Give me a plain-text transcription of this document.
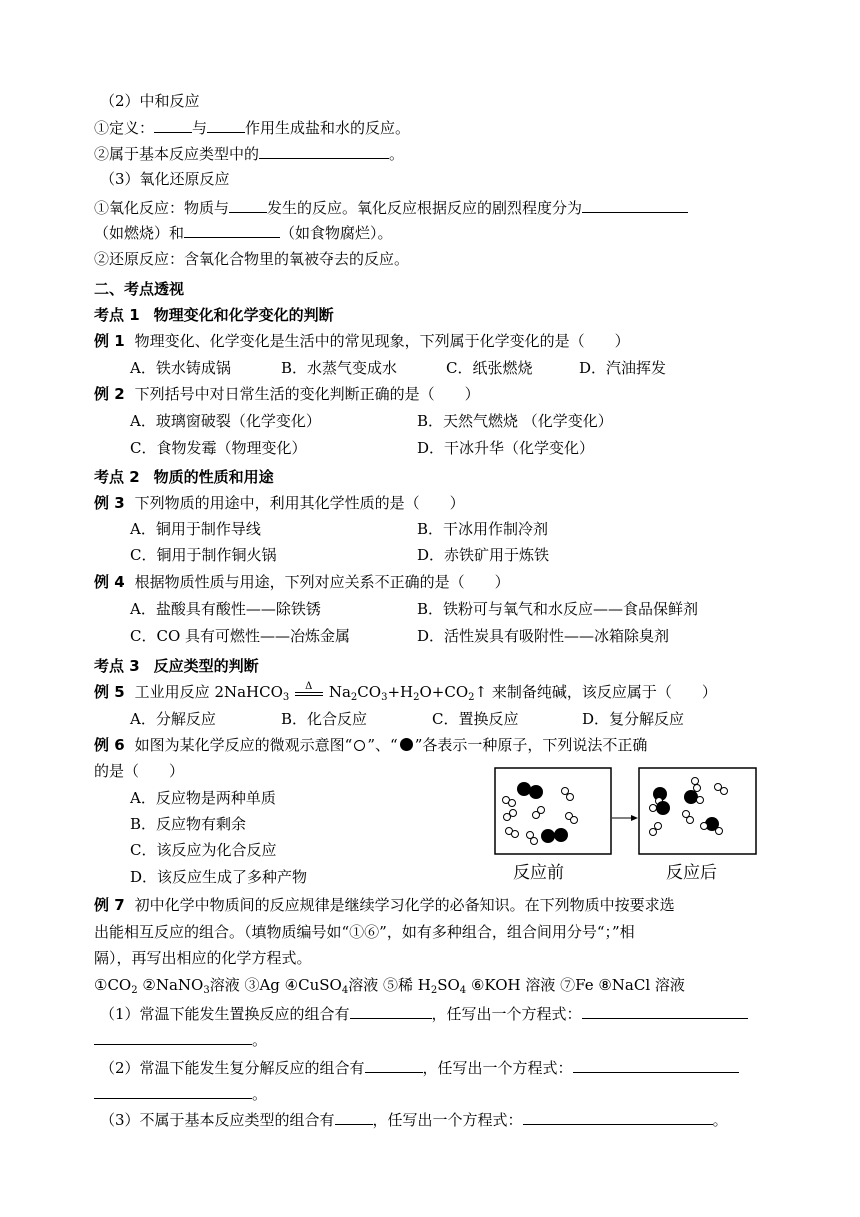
（2）中和反应
①定义：	与	作用生成盐和水的反应。
②属于基本反应类型中的	。
（3）氧化还原反应
①氧化反应：物质与	发生的反应。氧化反应根据反应的剧烈程度分为
（如燃烧）和	（如食物腐烂）。
②还原反应：含氧化合物里的氧被夺去的反应。
二、考点透视
考点 1 物理变化和化学变化的判断
例 1 物理变化、化学变化是生活中的常见现象，下列属于化学变化的是（　　）
A．铁水铸成锅	B．水蒸气变成水	C．纸张燃烧	D．汽油挥发
例 2 下列括号中对日常生活的变化判断正确的是（　　）
A．玻璃窗破裂（化学变化）	B．天然气燃烧 （化学变化）
C．食物发霉（物理变化）	D．干冰升华（化学变化）
考点 2 物质的性质和用途
例 3 下列物质的用途中，利用其化学性质的是（　　）
A．铜用于制作导线	B．干冰用作制冷剂
C．铜用于制作铜火锅	D．赤铁矿用于炼铁
例 4 根据物质性质与用途，下列对应关系不正确的是（　　）
A．盐酸具有酸性——除铁锈	B．铁粉可与氧气和水反应——食品保鲜剂
C．CO 具有可燃性——冶炼金属	D．活性炭具有吸附性——冰箱除臭剂
考点 3 反应类型的判断
例 5 工业用反应 2NaHCO$_3$
Δ $Na_2CO_3+H_2O+CO_2↑$ 来制备纯碱，该反应属于（　　）
A．分解反应	B．化合反应	C．置换反应	D．复分解反应
例 6 如图为某化学反应的微观示意图“ ”、“ ”各表示一种原子，下列说法不正确
的是（　　）
A．反应物是两种单质
B．反应物有剩余
C．该反应为化合反应
D．该反应生成了多种产物	反应前	反应后
例 7 初中化学中物质间的反应规律是继续学习化学的必备知识。在下列物质中按要求选
出能相互反应的组合。（填物质编号如“①⑥”，如有多种组合，组合间用分号“；”相
隔），再写出相应的化学方程式。
$①CO_2$ ②NaNO$_3$溶液 ③Ag ④CuSO$_4$溶液 ⑤稀 $H_2SO_4$ ⑥KOH 溶液 ⑦Fe ⑧NaCl 溶液
（1）常温下能发生置换反应的组合有	，任写出一个方程式：
。
（2）常温下能发生复分解反应的组合有	，任写出一个方程式：
。
（3）不属于基本反应类型的组合有	，任写出一个方程式：	。
